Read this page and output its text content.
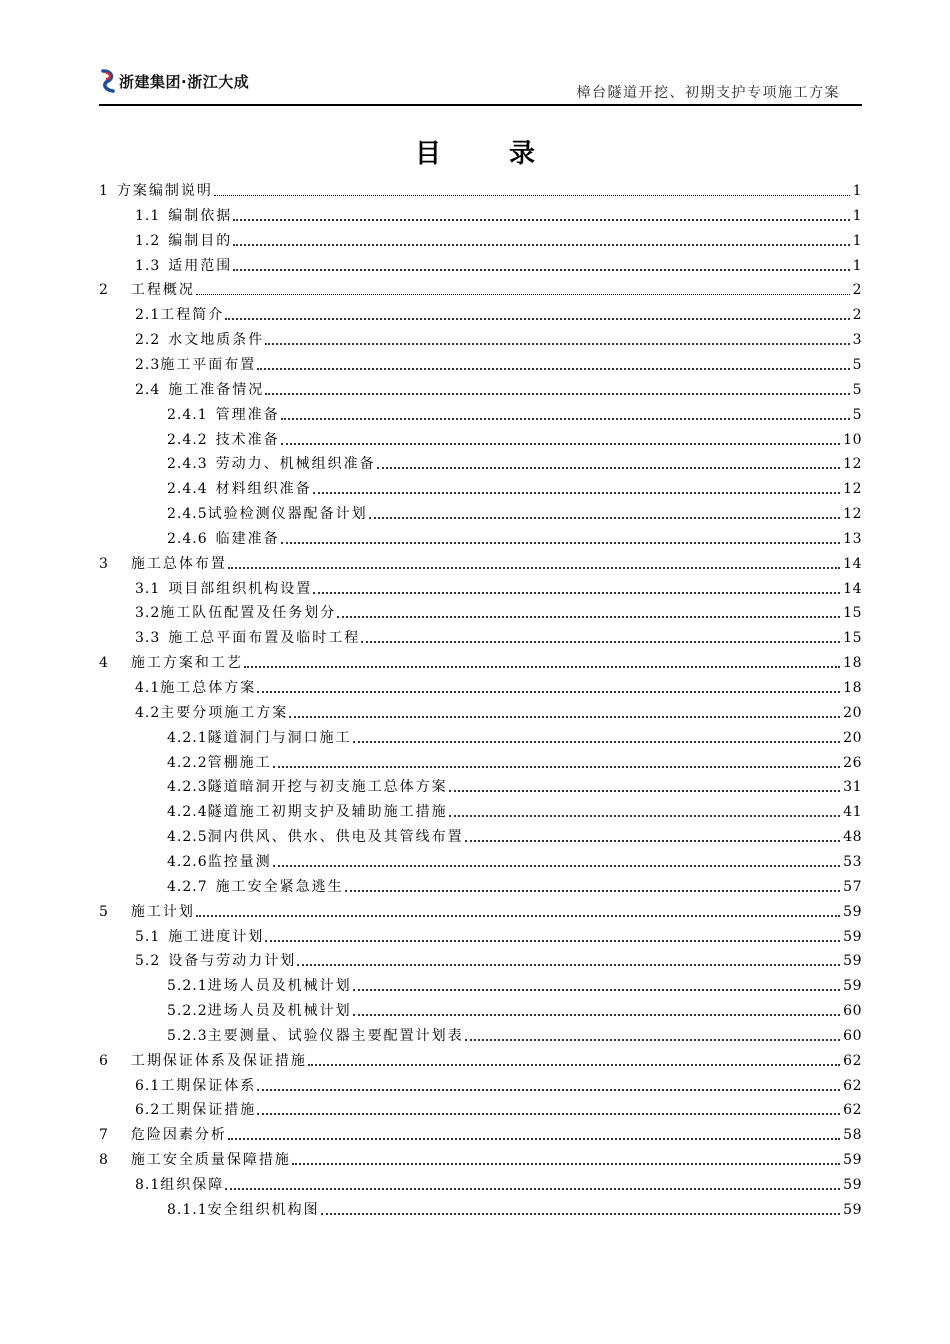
浙建集团·浙江大成
樟台隧道开挖、初期支护专项施工方案
目录
1 方案编制说明	1
1.1 编制依据	1
1.2 编制目的	1
1.3 适用范围	1
2 工程概况	2
2.1 工程简介	2
2.2 水文地质条件	3
2.3 施工平面布置	5
2.4 施工准备情况	5
2.4.1 管理准备	5
2.4.2 技术准备	10
2.4.3 劳动力、机械组织准备	12
2.4.4 材料组织准备	12
2.4.5 试验检测仪器配备计划	12
2.4.6 临建准备	13
3 施工总体布置	14
3.1 项目部组织机构设置	14
3.2 施工队伍配置及任务划分	15
3.3 施工总平面布置及临时工程	15
4 施工方案和工艺	18
4.1 施工总体方案	18
4.2 主要分项施工方案	20
4.2.1 隧道洞门与洞口施工	20
4.2.2 管棚施工	26
4.2.3 隧道暗洞开挖与初支施工总体方案	31
4.2.4 隧道施工初期支护及辅助施工措施	41
4.2.5 洞内供风、供水、供电及其管线布置	48
4.2.6 监控量测	53
4.2.7 施工安全紧急逃生	57
5 施工计划	59
5.1 施工进度计划	59
5.2 设备与劳动力计划	59
5.2.1 进场人员及机械计划	59
5.2.2 进场人员及机械计划	60
5.2.3 主要测量、试验仪器主要配置计划表	60
6 工期保证体系及保证措施	62
6.1 工期保证体系	62
6.2 工期保证措施	62
7 危险因素分析	58
8 施工安全质量保障措施	59
8.1 组织保障	59
8.1.1 安全组织机构图	59
